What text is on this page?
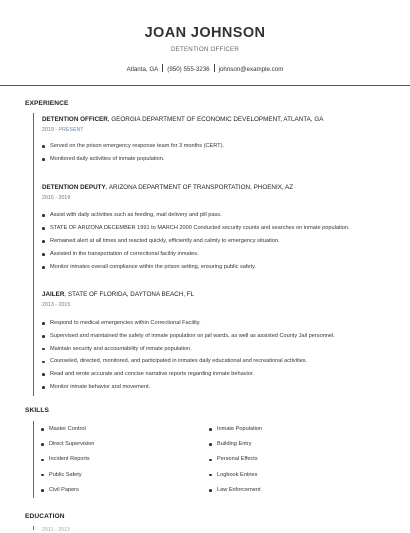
JOAN JOHNSON
DETENTION OFFICER
Atlanta, GA (950) 555-3236 johnson@example.com
EXPERIENCE
DETENTION OFFICER, GEORGIA DEPARTMENT OF ECONOMIC DEVELOPMENT, ATLANTA, GA
2019 - PRESENT
Served on the prison emergency response team for 3 months (CERT).
Monitored daily activities of inmate population.
DETENTION DEPUTY, ARIZONA DEPARTMENT OF TRANSPORTATION, PHOENIX, AZ
2015 - 2019
Assist with daily activities such as feeding, mail delivery and pill pass.
STATE OF ARIZONA DECEMBER 1991 to MARCH 2000 Conducted security counts and searches on inmate population.
Remained alert at all times and reacted quickly, efficiently and calmly to emergency situation.
Assisted in the transportation of correctional facility inmates.
Monitor inmates overall compliance within the prison setting, ensuring public safety.
JAILER, STATE OF FLORIDA, DAYTONA BEACH, FL
2013 - 2015
Respond to medical emergencies within Correctional Facility.
Supervised and maintained the safety of inmate population on jail wards, as well as assisted County Jail personnel.
Maintain security and accountability of inmate population.
Counseled, directed, monitored, and participated in inmates daily educational and recreational activities.
Read and wrote accurate and concise narrative reports regarding inmate behavior.
Monitor inmate behavior and movement.
SKILLS
Master Control
Direct Supervision
Incident Reports
Public Safety
Civil Papers
Inmate Population
Building Entry
Personal Effects
Logbook Entries
Law Enforcement
EDUCATION
2011 - 2013
